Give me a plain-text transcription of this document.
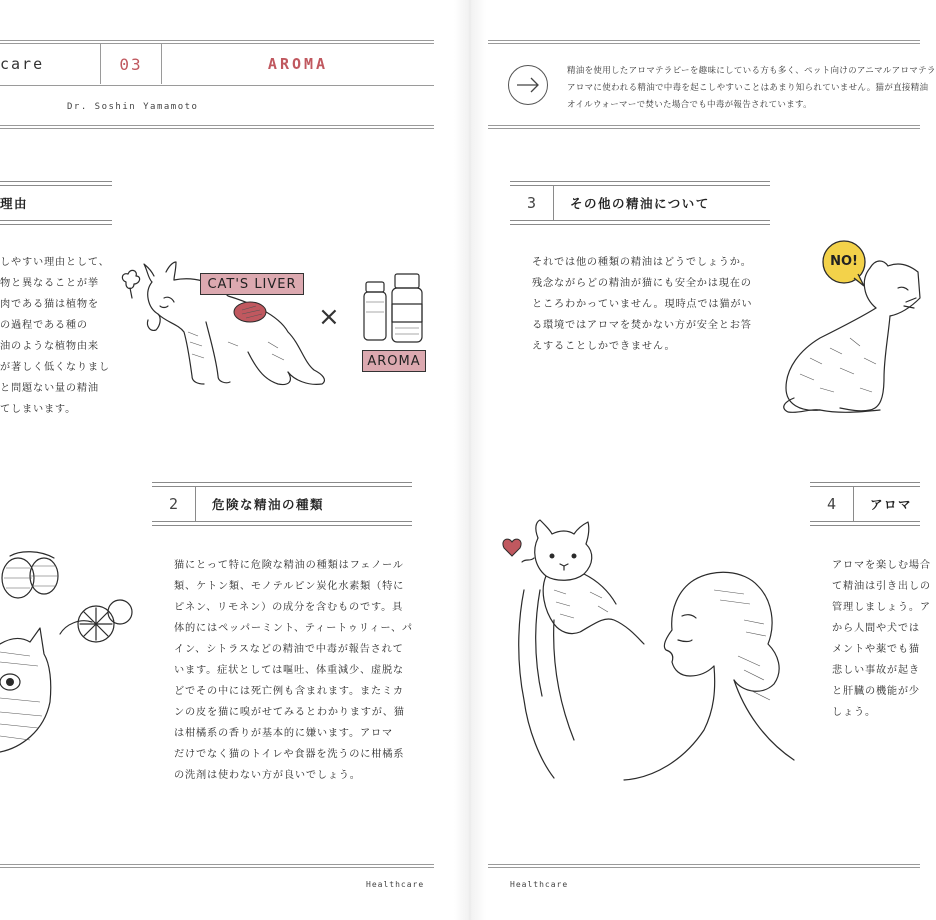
care	03	AROMA
Dr. Soshin Yamamoto
精油を使用したアロマテラピーを趣味にしている方も多く、ペット向けのアニマルアロマテラ
アロマに使われる精油で中毒を起こしやすいことはあまり知られていません。猫が直接精油
オイルウォーマーで焚いた場合でも中毒が報告されています。
理由
しやすい理由として、
物と異なることが挙
肉である猫は植物を
の過程である種の
油のような植物由来
が著しく低くなりまし
と問題ない量の精油
てしまいます。
CAT'S LIVER
×
AROMA
3	その他の精油について
それでは他の種類の精油はどうでしょうか。
残念ながらどの精油が猫にも安全かは現在の
ところわかっていません。現時点では猫がい
る環境ではアロマを焚かない方が安全とお答
えすることしかできません。
NO!
2	危険な精油の種類
猫にとって特に危険な精油の種類はフェノール
類、ケトン類、モノテルピン炭化水素類（特に
ピネン、リモネン）の成分を含むものです。具
体的にはペッパーミント、ティートゥリィー、パ
イン、シトラスなどの精油で中毒が報告されて
います。症状としては嘔吐、体重減少、虚脱な
どでその中には死亡例も含まれます。またミカ
ンの皮を猫に嗅がせてみるとわかりますが、猫
は柑橘系の香りが基本的に嫌います。アロマ
だけでなく猫のトイレや食器を洗うのに柑橘系
の洗剤は使わない方が良いでしょう。
4	アロマ
アロマを楽しむ場合
て精油は引き出しの
管理しましょう。ア
から人間や犬では
メントや薬でも猫
悲しい事故が起き
と肝臓の機能が少
しょう。
Healthcare	Healthcare
